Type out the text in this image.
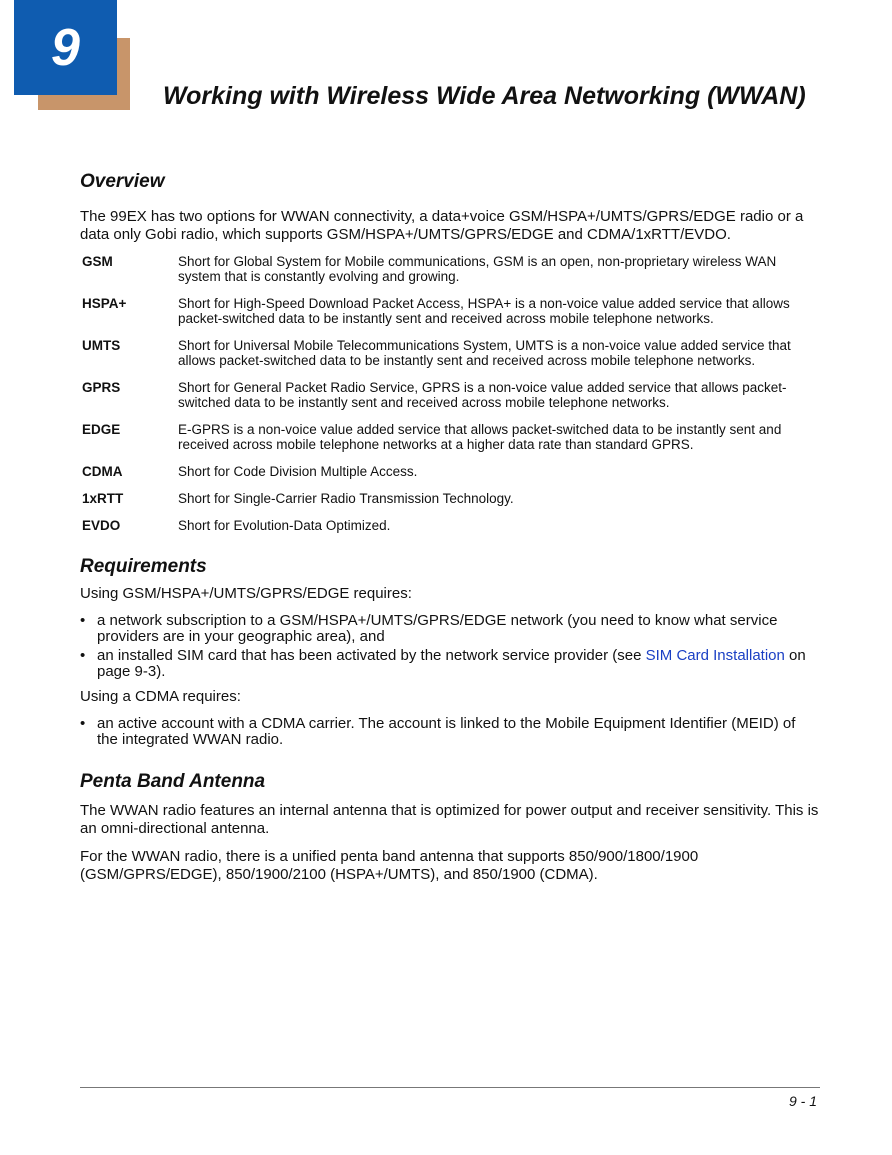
9
Working with Wireless Wide Area Networking (WWAN)
Overview

The 99EX has two options for WWAN connectivity, a data+voice GSM/HSPA+/UMTS/GPRS/EDGE radio or a data only Gobi radio, which supports GSM/HSPA+/UMTS/GPRS/EDGE and CDMA/1xRTT/EVDO.

GSM	Short for Global System for Mobile communications, GSM is an open, non-proprietary wireless WAN system that is constantly evolving and growing.
HSPA+	Short for High-Speed Download Packet Access, HSPA+ is a non-voice value added service that allows packet-switched data to be instantly sent and received across mobile telephone networks.
UMTS	Short for Universal Mobile Telecommunications System, UMTS is a non-voice value added service that allows packet-switched data to be instantly sent and received across mobile telephone networks.
GPRS	Short for General Packet Radio Service, GPRS is a non-voice value added service that allows packet-switched data to be instantly sent and received across mobile telephone networks.
EDGE	E-GPRS is a non-voice value added service that allows packet-switched data to be instantly sent and received across mobile telephone networks at a higher data rate than standard GPRS.
CDMA	Short for Code Division Multiple Access.
1xRTT	Short for Single-Carrier Radio Transmission Technology.
EVDO	Short for Evolution-Data Optimized.
Requirements

Using GSM/HSPA+/UMTS/GPRS/EDGE requires:

• a network subscription to a GSM/HSPA+/UMTS/GPRS/EDGE network (you need to know what service providers are in your geographic area), and
• an installed SIM card that has been activated by the network service provider (see SIM Card Installation on page 9-3).

Using a CDMA requires:

• an active account with a CDMA carrier. The account is linked to the Mobile Equipment Identifier (MEID) of the integrated WWAN radio.
Penta Band Antenna

The WWAN radio features an internal antenna that is optimized for power output and receiver sensitivity. This is an omni-directional antenna.

For the WWAN radio, there is a unified penta band antenna that supports 850/900/1800/1900 (GSM/GPRS/EDGE), 850/1900/2100 (HSPA+/UMTS), and 850/1900 (CDMA).

9 - 1
